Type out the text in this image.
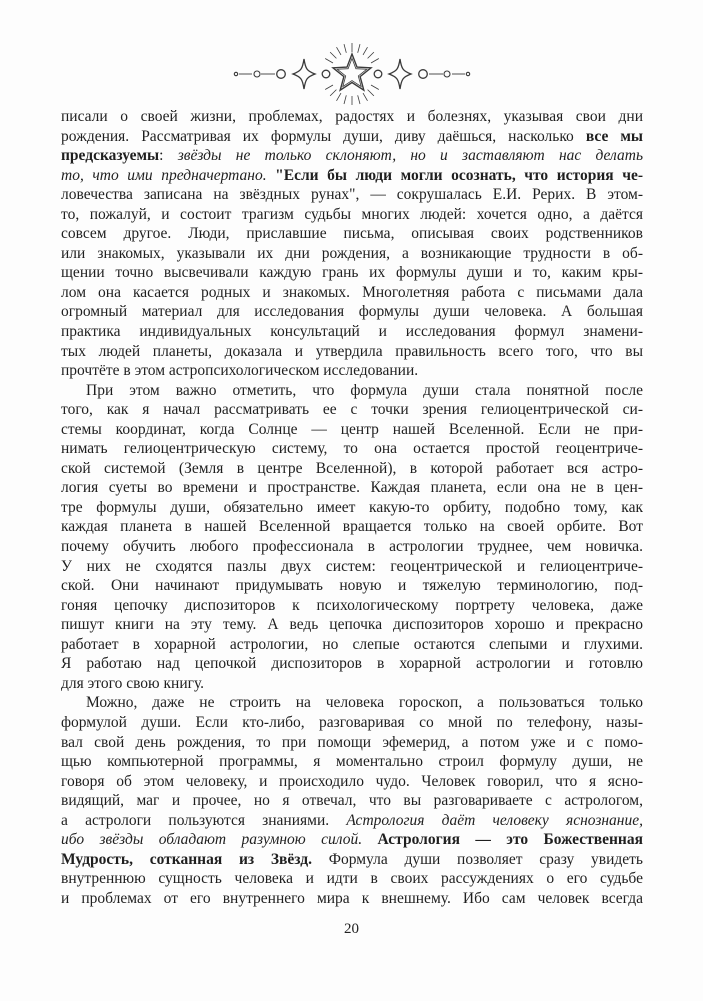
писали о своей жизни, проблемах, радостях и болезнях, указывая свои дни
рождения. Рассматривая их формулы души, диву даёшься, насколько все мы
предсказуемы: звёзды не только склоняют, но и заставляют нас делать
то, что ими предначертано. "Если бы люди могли осознать, что история че-
ловечества записана на звёздных рунах", — сокрушалась Е.И. Рерих. В этом-
то, пожалуй, и состоит трагизм судьбы многих людей: хочется одно, а даётся
совсем другое. Люди, приславшие письма, описывая своих родственников
или знакомых, указывали их дни рождения, а возникающие трудности в об-
щении точно высвечивали каждую грань их формулы души и то, каким кры-
лом она касается родных и знакомых. Многолетняя работа с письмами дала
огромный материал для исследования формулы души человека. А большая
практика индивидуальных консультаций и исследования формул знамени-
тых людей планеты, доказала и утвердила правильность всего того, что вы
прочтёте в этом астропсихологическом исследовании.
При этом важно отметить, что формула души стала понятной после
того, как я начал рассматривать ее с точки зрения гелиоцентрической си-
стемы координат, когда Солнце — центр нашей Вселенной. Если не при-
нимать гелиоцентрическую систему, то она остается простой геоцентриче-
ской системой (Земля в центре Вселенной), в которой работает вся астро-
логия суеты во времени и пространстве. Каждая планета, если она не в цен-
тре формулы души, обязательно имеет какую-то орбиту, подобно тому, как
каждая планета в нашей Вселенной вращается только на своей орбите. Вот
почему обучить любого профессионала в астрологии труднее, чем новичка.
У них не сходятся пазлы двух систем: геоцентрической и гелиоцентриче-
ской. Они начинают придумывать новую и тяжелую терминологию, под-
гоняя цепочку диспозиторов к психологическому портрету человека, даже
пишут книги на эту тему. А ведь цепочка диспозиторов хорошо и прекрасно
работает в хорарной астрологии, но слепые остаются слепыми и глухими.
Я работаю над цепочкой диспозиторов в хорарной астрологии и готовлю
для этого свою книгу.
Можно, даже не строить на человека гороскоп, а пользоваться только
формулой души. Если кто-либо, разговаривая со мной по телефону, назы-
вал свой день рождения, то при помощи эфемерид, а потом уже и с помо-
щью компьютерной программы, я моментально строил формулу души, не
говоря об этом человеку, и происходило чудо. Человек говорил, что я ясно-
видящий, маг и прочее, но я отвечал, что вы разговариваете с астрологом,
а астрологи пользуются знаниями. Астрология даёт человеку яснознание,
ибо звёзды обладают разумною силой. Астрология — это Божественная
Мудрость, сотканная из Звёзд. Формула души позволяет сразу увидеть
внутреннюю сущность человека и идти в своих рассуждениях о его судьбе
и проблемах от его внутреннего мира к внешнему. Ибо сам человек всегда
20
